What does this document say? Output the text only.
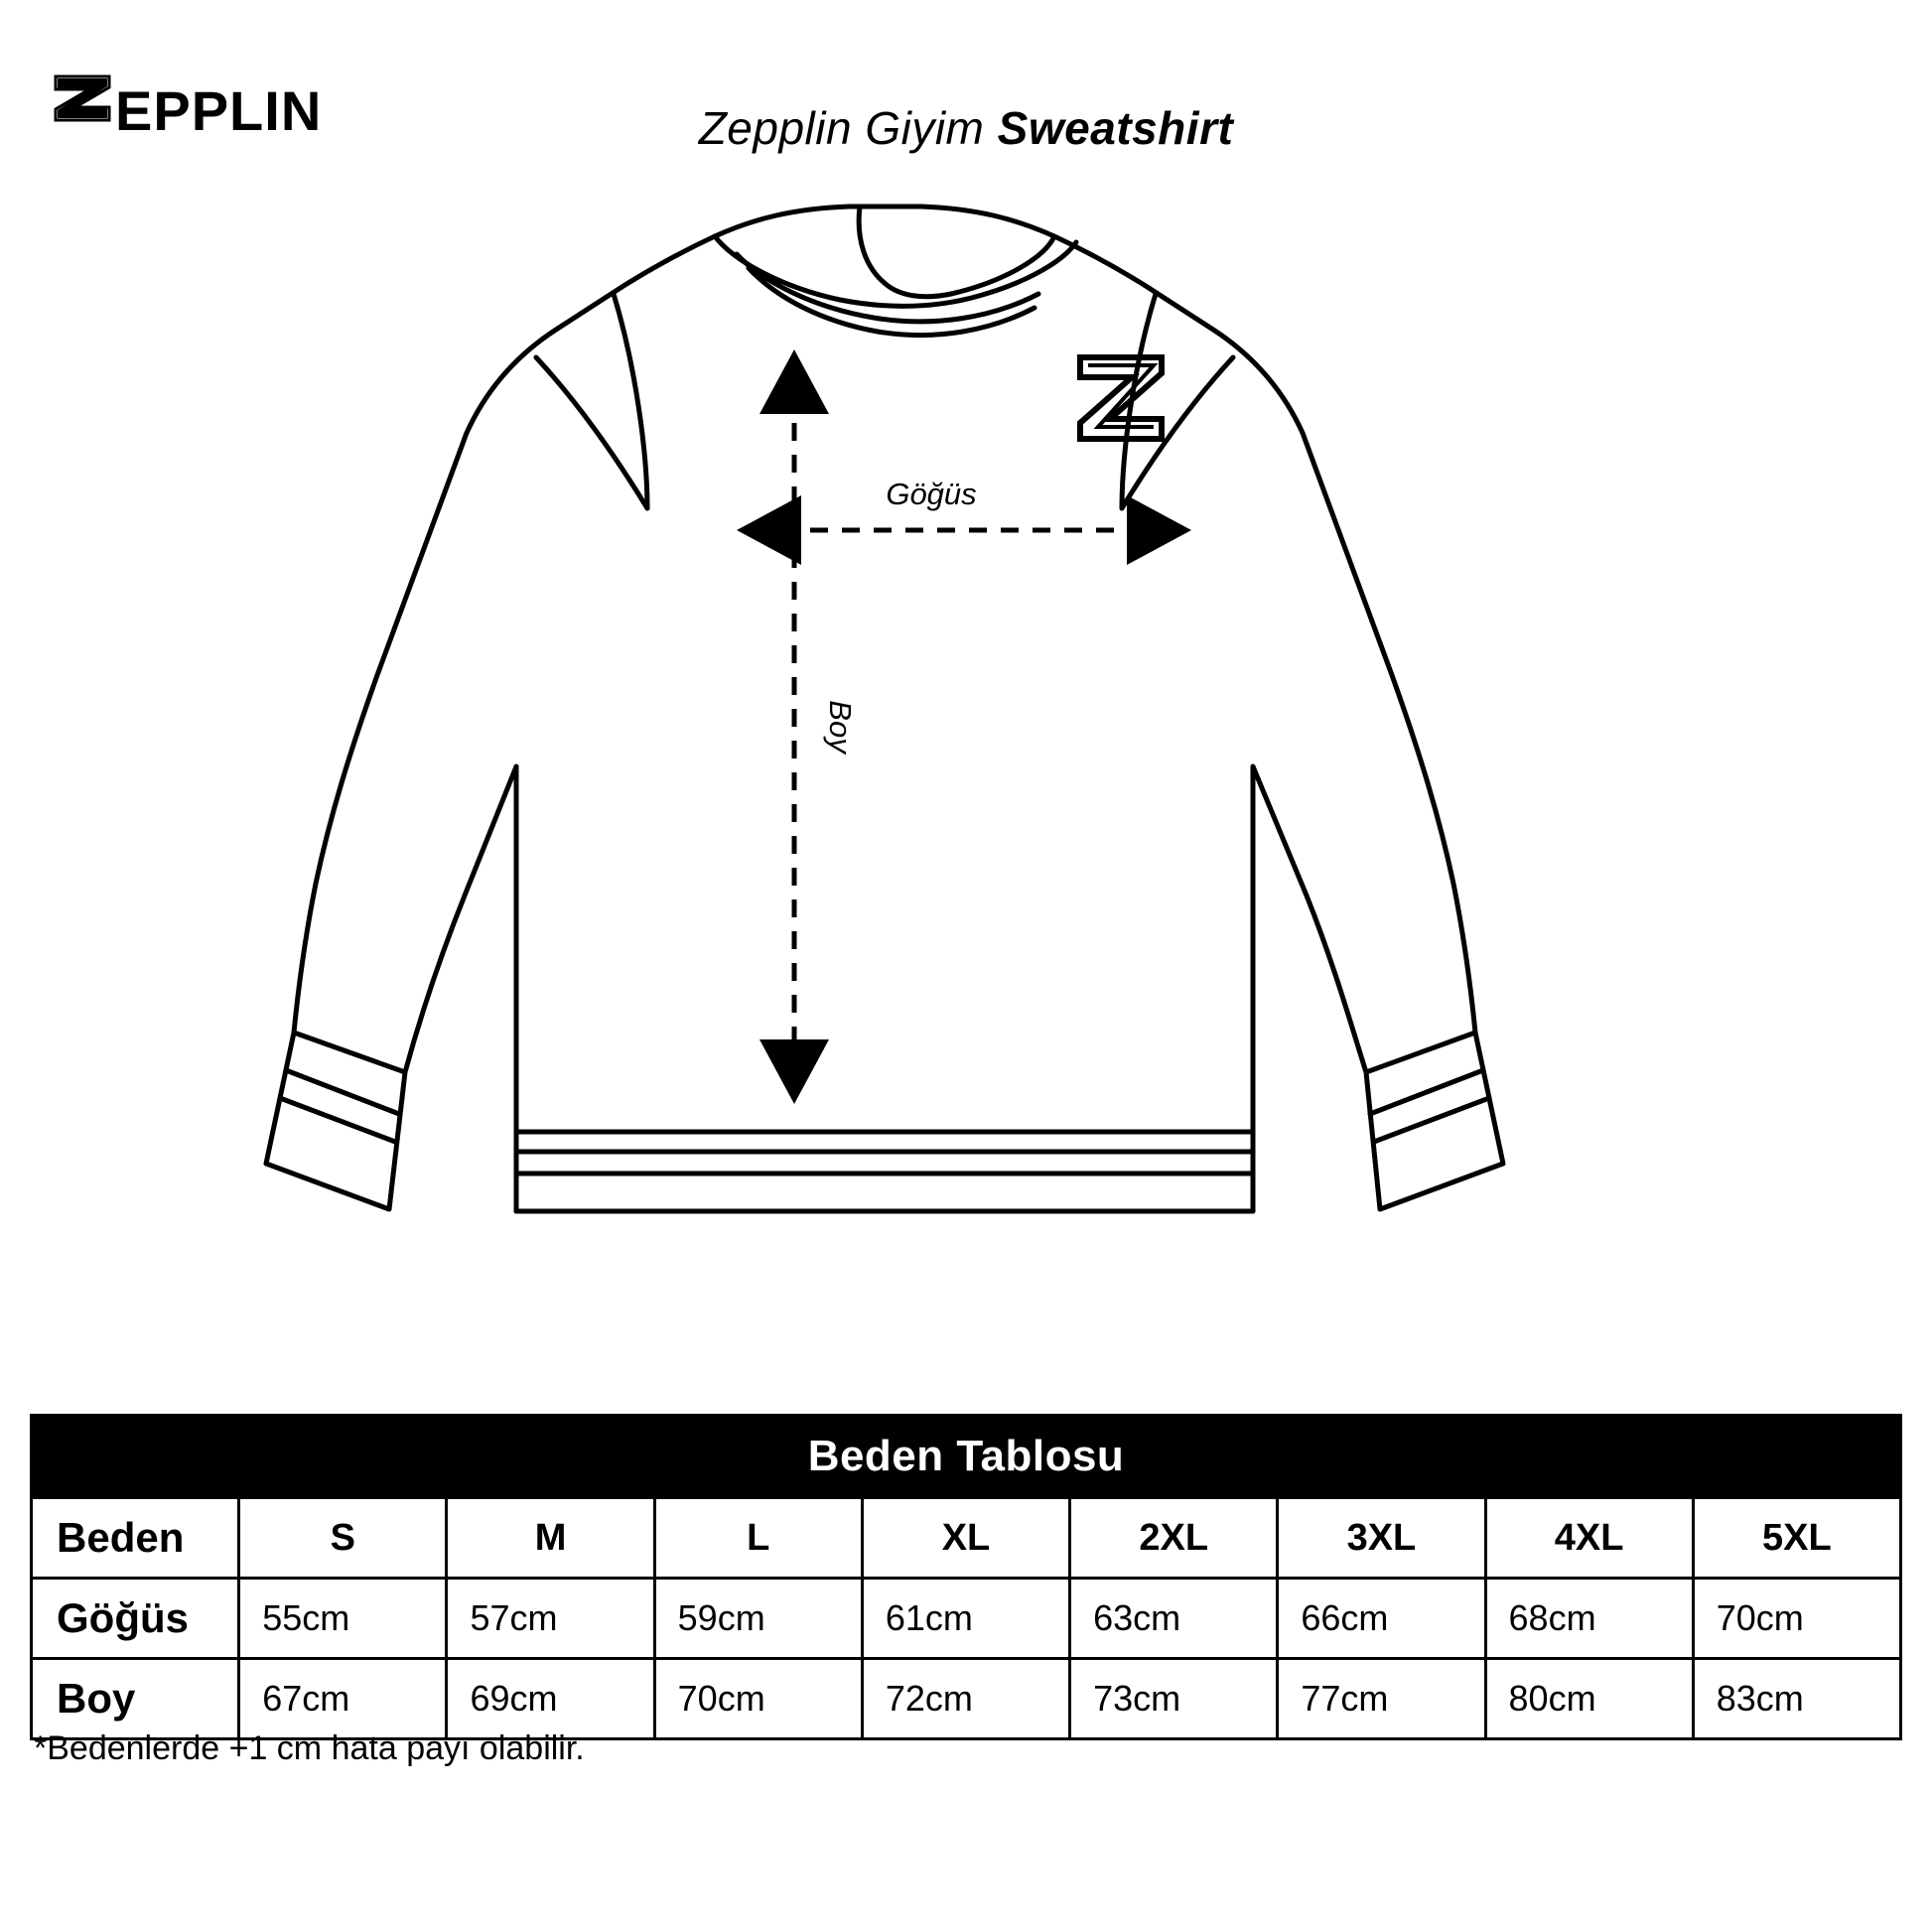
EPPLIN	Zepplin Giyim Sweatshirt
Göğüs
Boy
Beden Tablosu								
Beden	S	M	L	XL	2XL	3XL	4XL	5XL
Göğüs	55cm	57cm	59cm	61cm	63cm	66cm	68cm	70cm
Boy	67cm	69cm	70cm	72cm	73cm	77cm	80cm	83cm
*Bedenlerde +1 cm hata payı olabilir.
